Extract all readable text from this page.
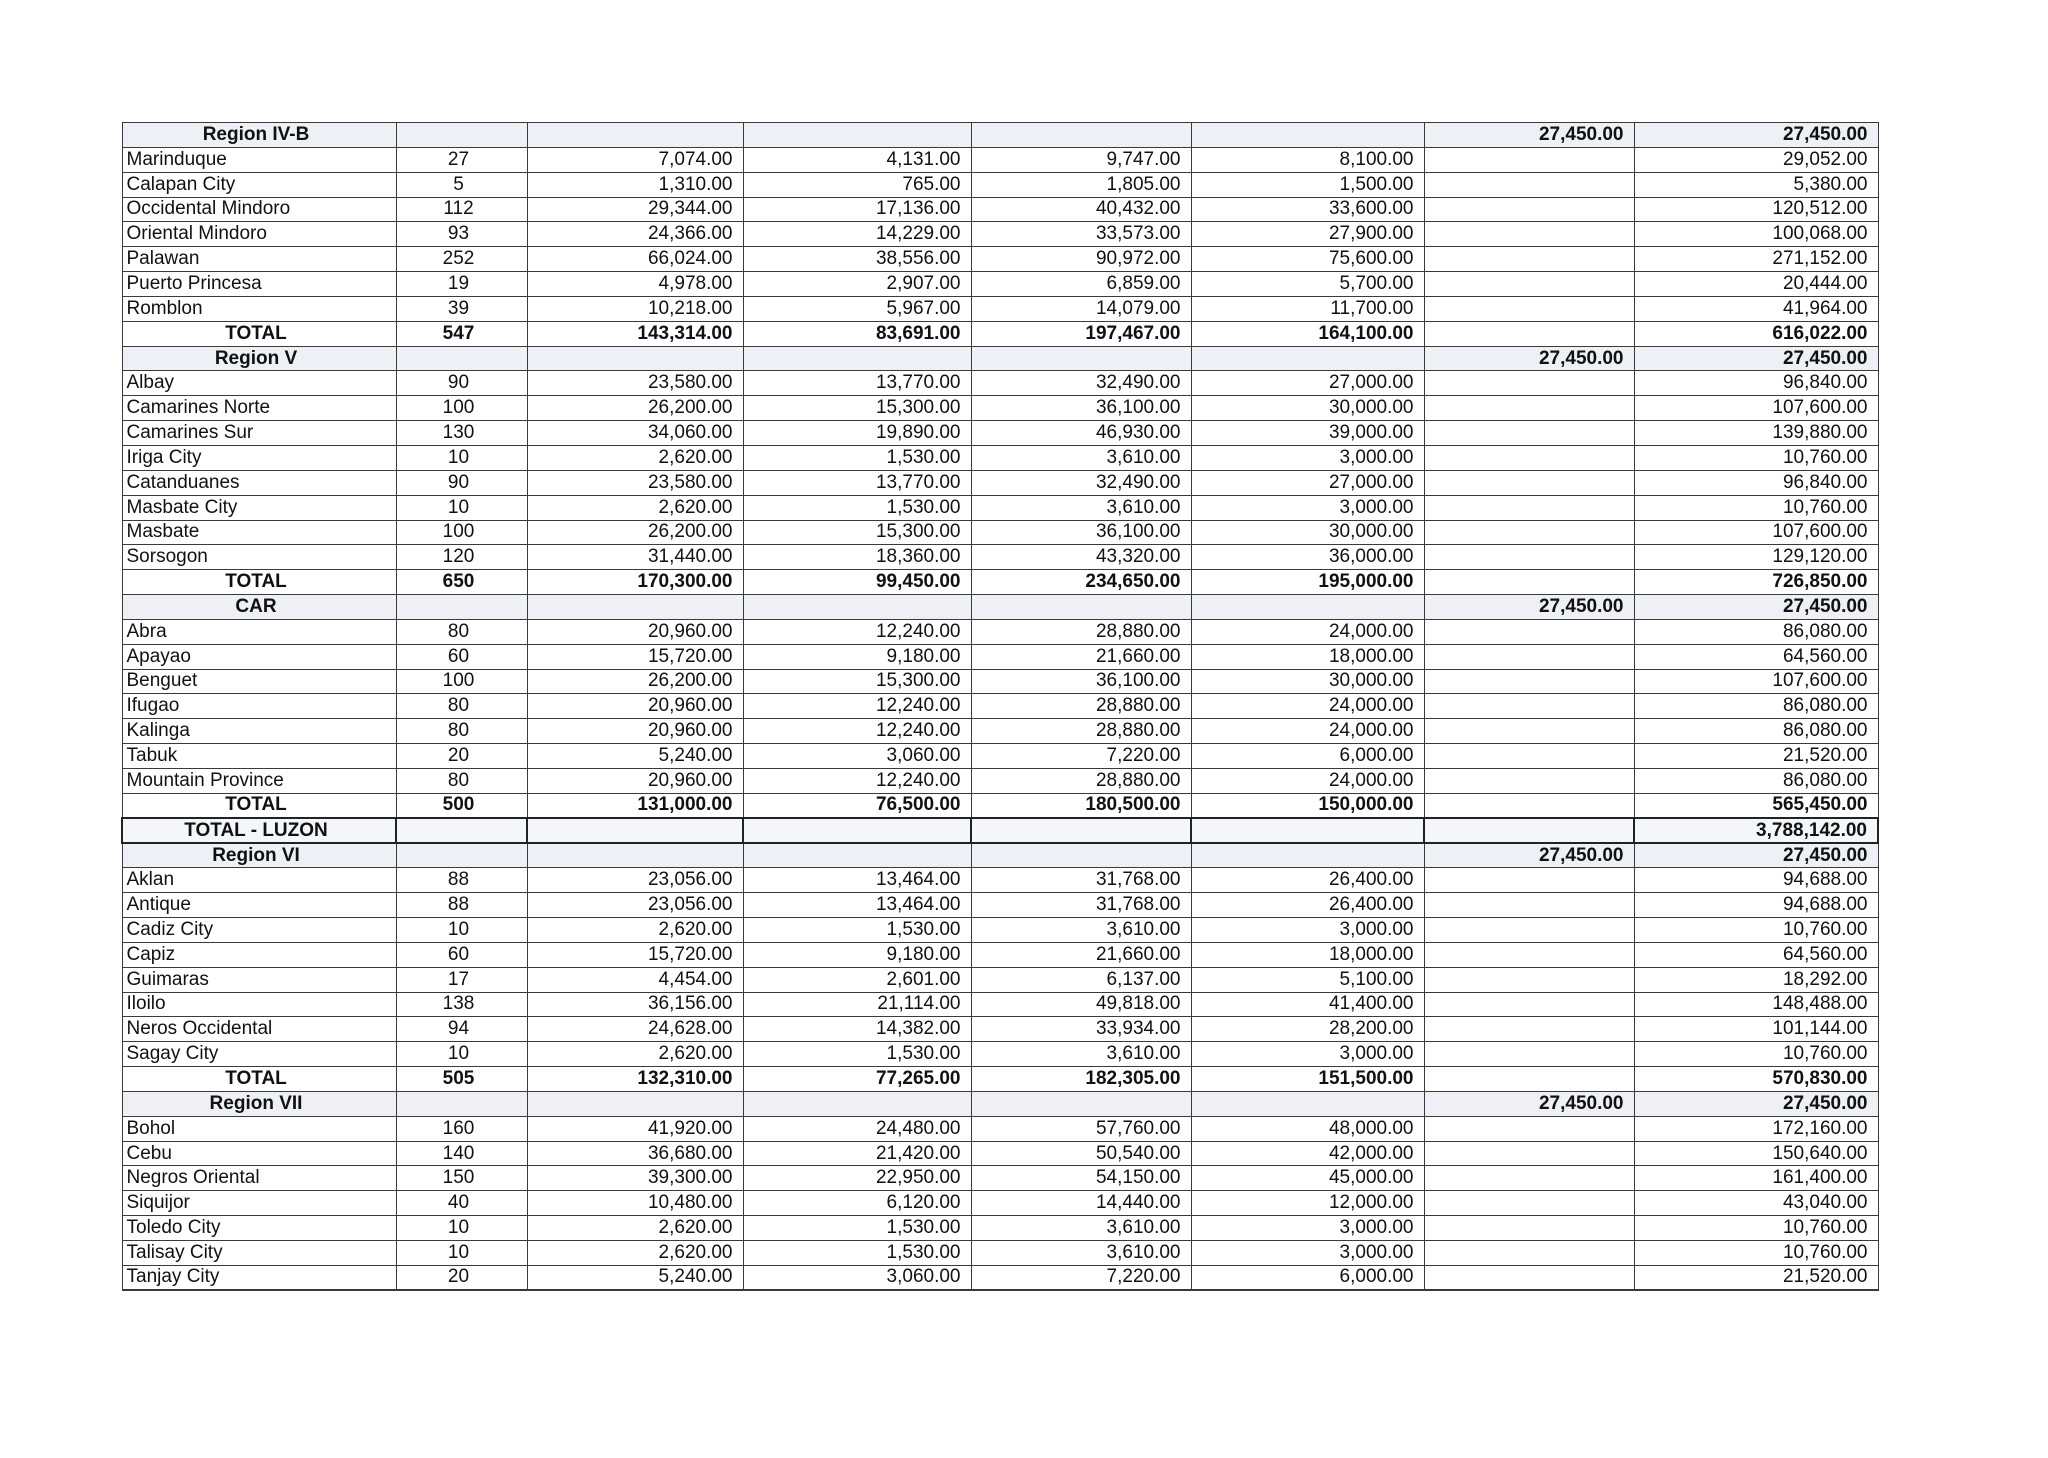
Region IV-B						27,450.00	27,450.00
Marinduque	27	7,074.00	4,131.00	9,747.00	8,100.00		29,052.00
Calapan City	5	1,310.00	765.00	1,805.00	1,500.00		5,380.00
Occidental Mindoro	112	29,344.00	17,136.00	40,432.00	33,600.00		120,512.00
Oriental Mindoro	93	24,366.00	14,229.00	33,573.00	27,900.00		100,068.00
Palawan	252	66,024.00	38,556.00	90,972.00	75,600.00		271,152.00
Puerto Princesa	19	4,978.00	2,907.00	6,859.00	5,700.00		20,444.00
Romblon	39	10,218.00	5,967.00	14,079.00	11,700.00		41,964.00
TOTAL	547	143,314.00	83,691.00	197,467.00	164,100.00		616,022.00
Region V						27,450.00	27,450.00
Albay	90	23,580.00	13,770.00	32,490.00	27,000.00		96,840.00
Camarines Norte	100	26,200.00	15,300.00	36,100.00	30,000.00		107,600.00
Camarines Sur	130	34,060.00	19,890.00	46,930.00	39,000.00		139,880.00
Iriga City	10	2,620.00	1,530.00	3,610.00	3,000.00		10,760.00
Catanduanes	90	23,580.00	13,770.00	32,490.00	27,000.00		96,840.00
Masbate City	10	2,620.00	1,530.00	3,610.00	3,000.00		10,760.00
Masbate	100	26,200.00	15,300.00	36,100.00	30,000.00		107,600.00
Sorsogon	120	31,440.00	18,360.00	43,320.00	36,000.00		129,120.00
TOTAL	650	170,300.00	99,450.00	234,650.00	195,000.00		726,850.00
CAR						27,450.00	27,450.00
Abra	80	20,960.00	12,240.00	28,880.00	24,000.00		86,080.00
Apayao	60	15,720.00	9,180.00	21,660.00	18,000.00		64,560.00
Benguet	100	26,200.00	15,300.00	36,100.00	30,000.00		107,600.00
Ifugao	80	20,960.00	12,240.00	28,880.00	24,000.00		86,080.00
Kalinga	80	20,960.00	12,240.00	28,880.00	24,000.00		86,080.00
Tabuk	20	5,240.00	3,060.00	7,220.00	6,000.00		21,520.00
Mountain Province	80	20,960.00	12,240.00	28,880.00	24,000.00		86,080.00
TOTAL	500	131,000.00	76,500.00	180,500.00	150,000.00		565,450.00
TOTAL - LUZON							3,788,142.00
Region VI						27,450.00	27,450.00
Aklan	88	23,056.00	13,464.00	31,768.00	26,400.00		94,688.00
Antique	88	23,056.00	13,464.00	31,768.00	26,400.00		94,688.00
Cadiz City	10	2,620.00	1,530.00	3,610.00	3,000.00		10,760.00
Capiz	60	15,720.00	9,180.00	21,660.00	18,000.00		64,560.00
Guimaras	17	4,454.00	2,601.00	6,137.00	5,100.00		18,292.00
Iloilo	138	36,156.00	21,114.00	49,818.00	41,400.00		148,488.00
Neros Occidental	94	24,628.00	14,382.00	33,934.00	28,200.00		101,144.00
Sagay City	10	2,620.00	1,530.00	3,610.00	3,000.00		10,760.00
TOTAL	505	132,310.00	77,265.00	182,305.00	151,500.00		570,830.00
Region VII						27,450.00	27,450.00
Bohol	160	41,920.00	24,480.00	57,760.00	48,000.00		172,160.00
Cebu	140	36,680.00	21,420.00	50,540.00	42,000.00		150,640.00
Negros Oriental	150	39,300.00	22,950.00	54,150.00	45,000.00		161,400.00
Siquijor	40	10,480.00	6,120.00	14,440.00	12,000.00		43,040.00
Toledo City	10	2,620.00	1,530.00	3,610.00	3,000.00		10,760.00
Talisay City	10	2,620.00	1,530.00	3,610.00	3,000.00		10,760.00
Tanjay City	20	5,240.00	3,060.00	7,220.00	6,000.00		21,520.00
